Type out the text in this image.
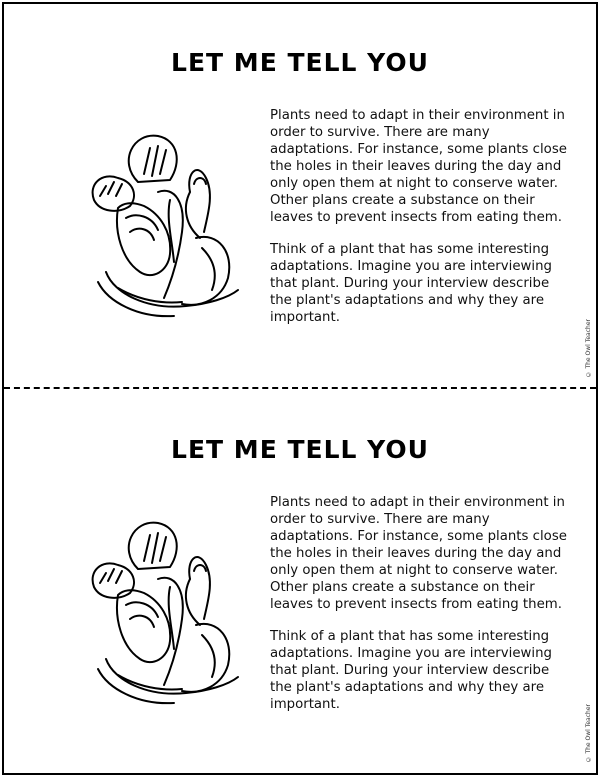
LET ME TELL YOU

Plants need to adapt in their environment in order to survive. There are many adaptations. For instance, some plants close the holes in their leaves during the day and only open them at night to conserve water. Other plans create a substance on their leaves to prevent insects from eating them.

Think of a plant that has some interesting adaptations. Imagine you are interviewing that plant. During your interview describe the plant's adaptations and why they are important.

© The Owl Teacher
LET ME TELL YOU

Plants need to adapt in their environment in order to survive. There are many adaptations. For instance, some plants close the holes in their leaves during the day and only open them at night to conserve water. Other plans create a substance on their leaves to prevent insects from eating them.

Think of a plant that has some interesting adaptations. Imagine you are interviewing that plant. During your interview describe the plant's adaptations and why they are important.	© The Owl Teacher
